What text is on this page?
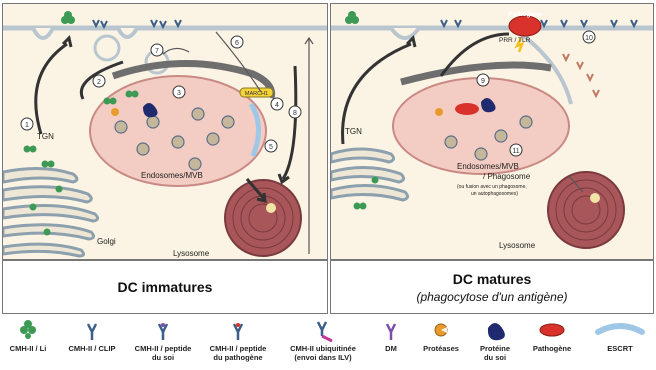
MARCH1
1
2
3
4
5
6
7
8
TGN
Golgi
Endosomes/MVB
Lysosome
Pathogène
PRR / TLR
9
10
11
TGN
Endosomes/MVB
/ Phagosome
(ou fusion avec un phagosome,
un autophagosomes)
Lysosome
DC immatures	DC matures
(phagocytose d'un antigène)
CMH-II / Li	CMH-II / CLIP	CMH-II / peptide
du soi
CMH-II / peptide
du pathogène
CMH-II ubiquitinée
(envoi dans ILV)
DM	Protéases	Protéine
du soi
Pathogène	ESCRT
